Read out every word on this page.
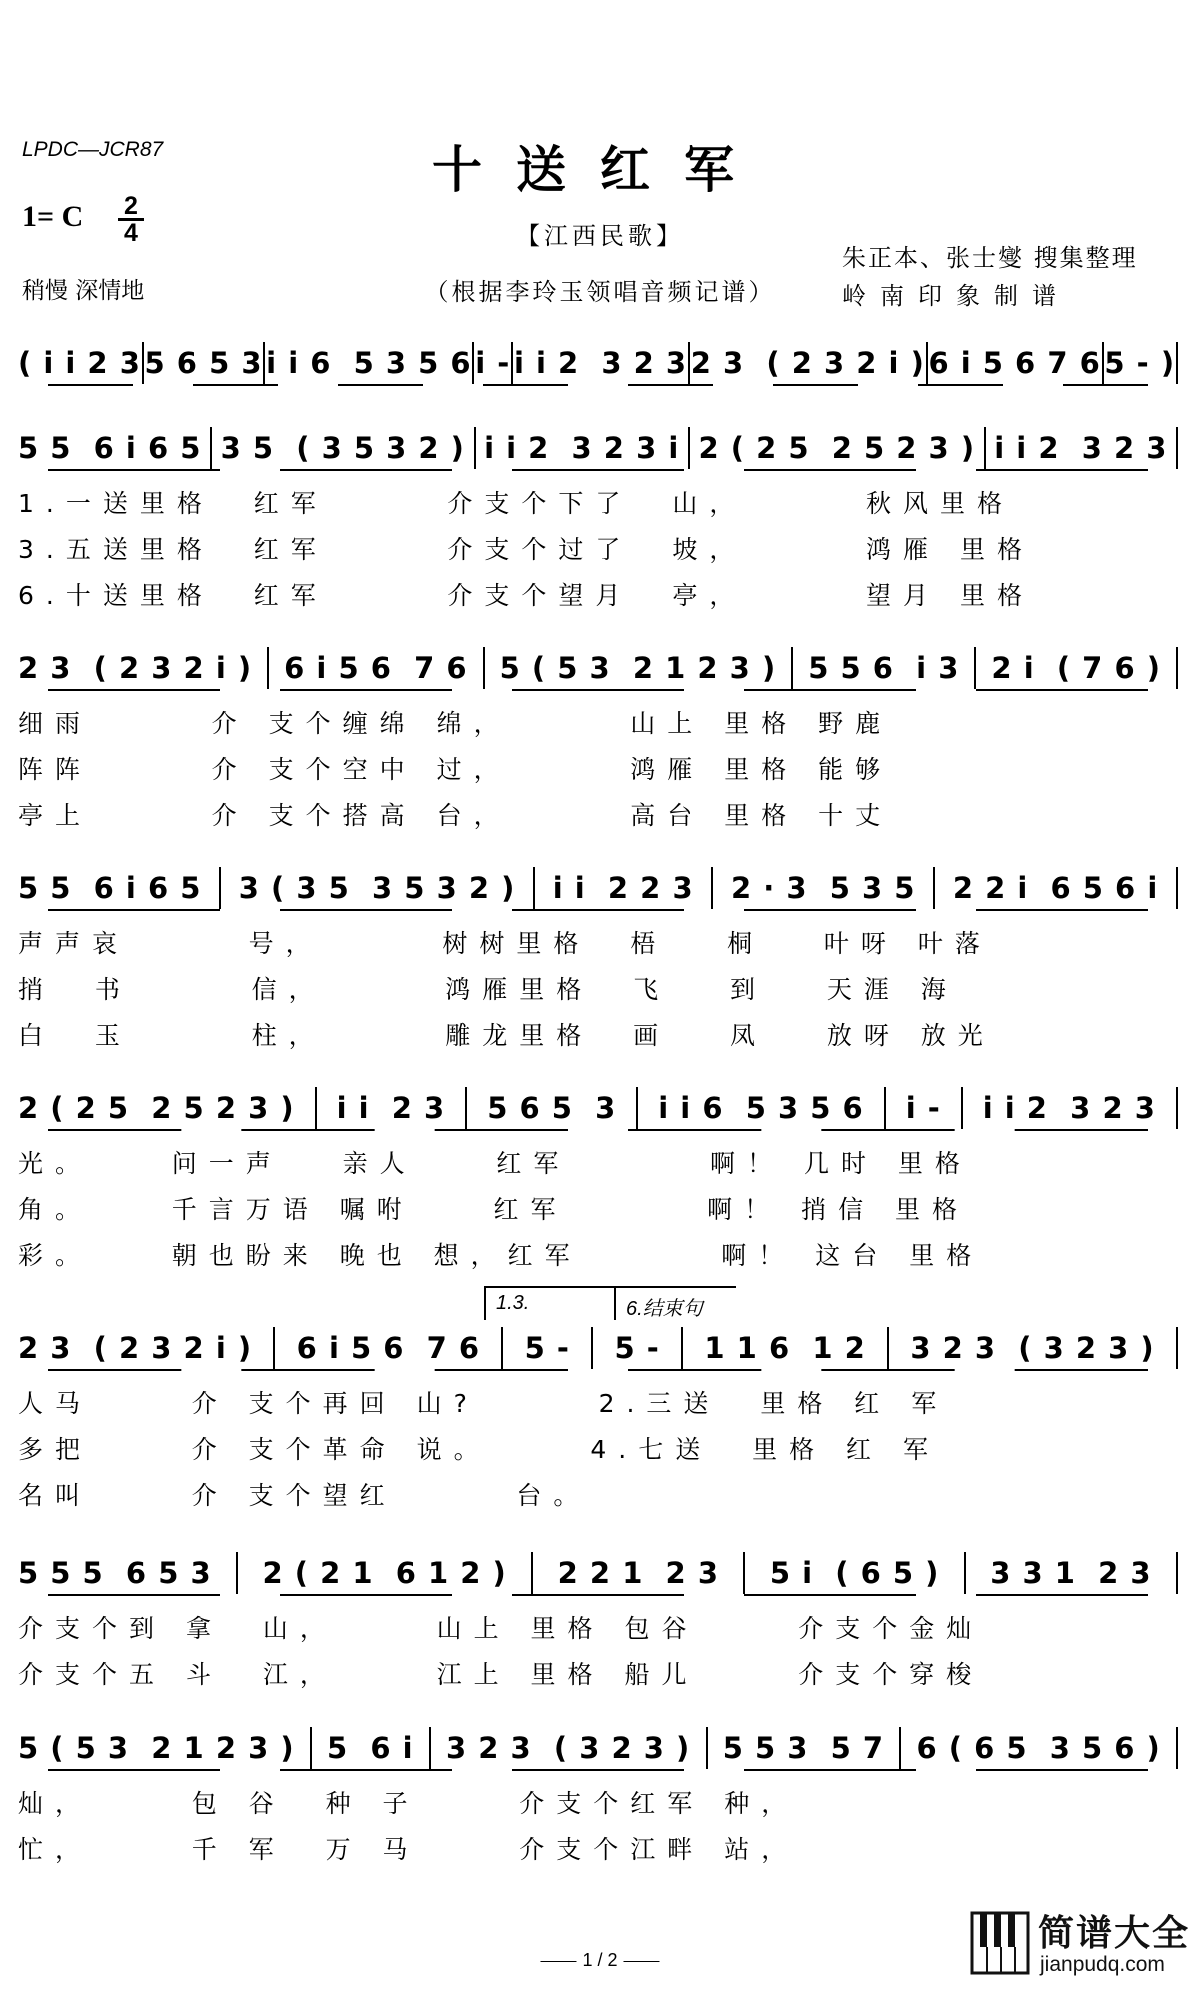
LPDC—JCR87	十送红军
1= C 2
4	【江西民歌】
稍慢 深情地	（根据李玲玉领唱音频记谱）
朱正本、张士燮 搜集整理
岭南印象制谱
( i i 2 3 5 6 5 3 i i 6  5 3 5 6 i - i i 2  3 2 3 2 3  ( 2 3 2 i ) 6 i 5 6 7 6 5 - )
5 5  6 i 6 5 3 5  ( 3 5 3 2 ) i i 2  3 2 3 i 2 ( 2 5  2 5 2 3 ) i i 2  3 2 3
1.一送里格  红军      介支个下了  山，      秋风里格
3.五送里格  红军      介支个过了  坡，      鸿雁 里格
6.十送里格  红军      介支个望月  亭，      望月 里格
2 3  ( 2 3 2 i ) 6 i 5 6  7 6 5 ( 5 3  2 1 2 3 ) 5 5 6  i 3 2 i  ( 7 6 )
细雨      介 支个缠绵 绵，      山上 里格 野鹿
阵阵      介 支个空中 过，      鸿雁 里格 能够
亭上      介 支个搭高 台，      高台 里格 十丈
5 5  6 i 6 5 3 ( 3 5  3 5 3 2 ) i i  2 2 3 2 · 3  5 3 5 2 2 i  6 5 6 i
声声哀      号，      树树里格  梧   桐   叶呀 叶落
捎  书      信，      鸿雁里格  飞   到   天涯 海
白  玉      柱，      雕龙里格  画   凤   放呀 放光
2 ( 2 5  2 5 2 3 ) i i  2 3 5 6 5  3 i i 6  5 3 5 6 i - i i 2  3 2 3
光。    问一声   亲人    红军       啊！ 几时 里格
角。    千言万语 嘱咐    红军       啊！ 捎信 里格
彩。    朝也盼来 晚也 想，红军       啊！ 这台 里格
1.3.	6.结束句
2 3  ( 2 3 2 i ) 6 i 5 6  7 6 5 - 5 - 1 1 6  1 2 3 2 3  ( 3 2 3 )
人马     介 支个再回 山?      2.三送  里格 红 军
多把     介 支个革命 说。     4.七送  里格 红 军
名叫     介 支个望红      台。
5 5 5  6 5 3 2 ( 2 1  6 1 2 ) 2 2 1  2 3 5 i  ( 6 5 ) 3 3 1  2 3
介支个到 拿  山，     山上 里格 包谷     介支个金灿
介支个五 斗  江，     江上 里格 船儿     介支个穿梭
5 ( 5 3  2 1 2 3 ) 5  6 i 3 2 3  ( 3 2 3 ) 5 5 3  5 7 6 ( 6 5  3 5 6 )
灿，     包 谷  种 子     介支个红军 种，
忙，     千 军  万 马     介支个江畔 站，
1 / 2
简谱大全
jianpudq.com
